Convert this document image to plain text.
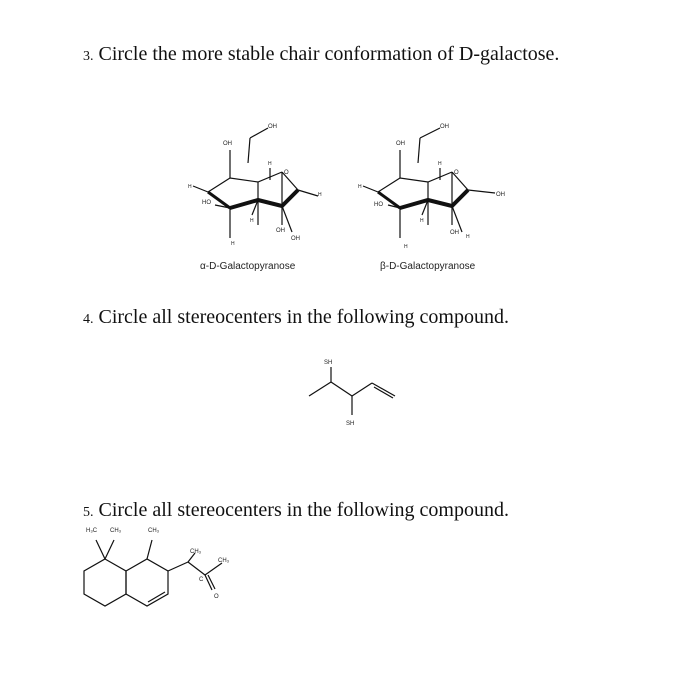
3. Circle the more stable chair conformation of D-galactose.
OH
OH
H
H
O
H
HO
H
OH
OH
H
α-D-Galactopyranose
OH
OH
H
H
O
OH
HO
H
OH
H
H
β-D-Galactopyranose
4. Circle all stereocenters in the following compound.
SH
SH
5. Circle all stereocenters in the following compound.
H₃C CH₃	CH₃
CH₃
CH₃
C
O
